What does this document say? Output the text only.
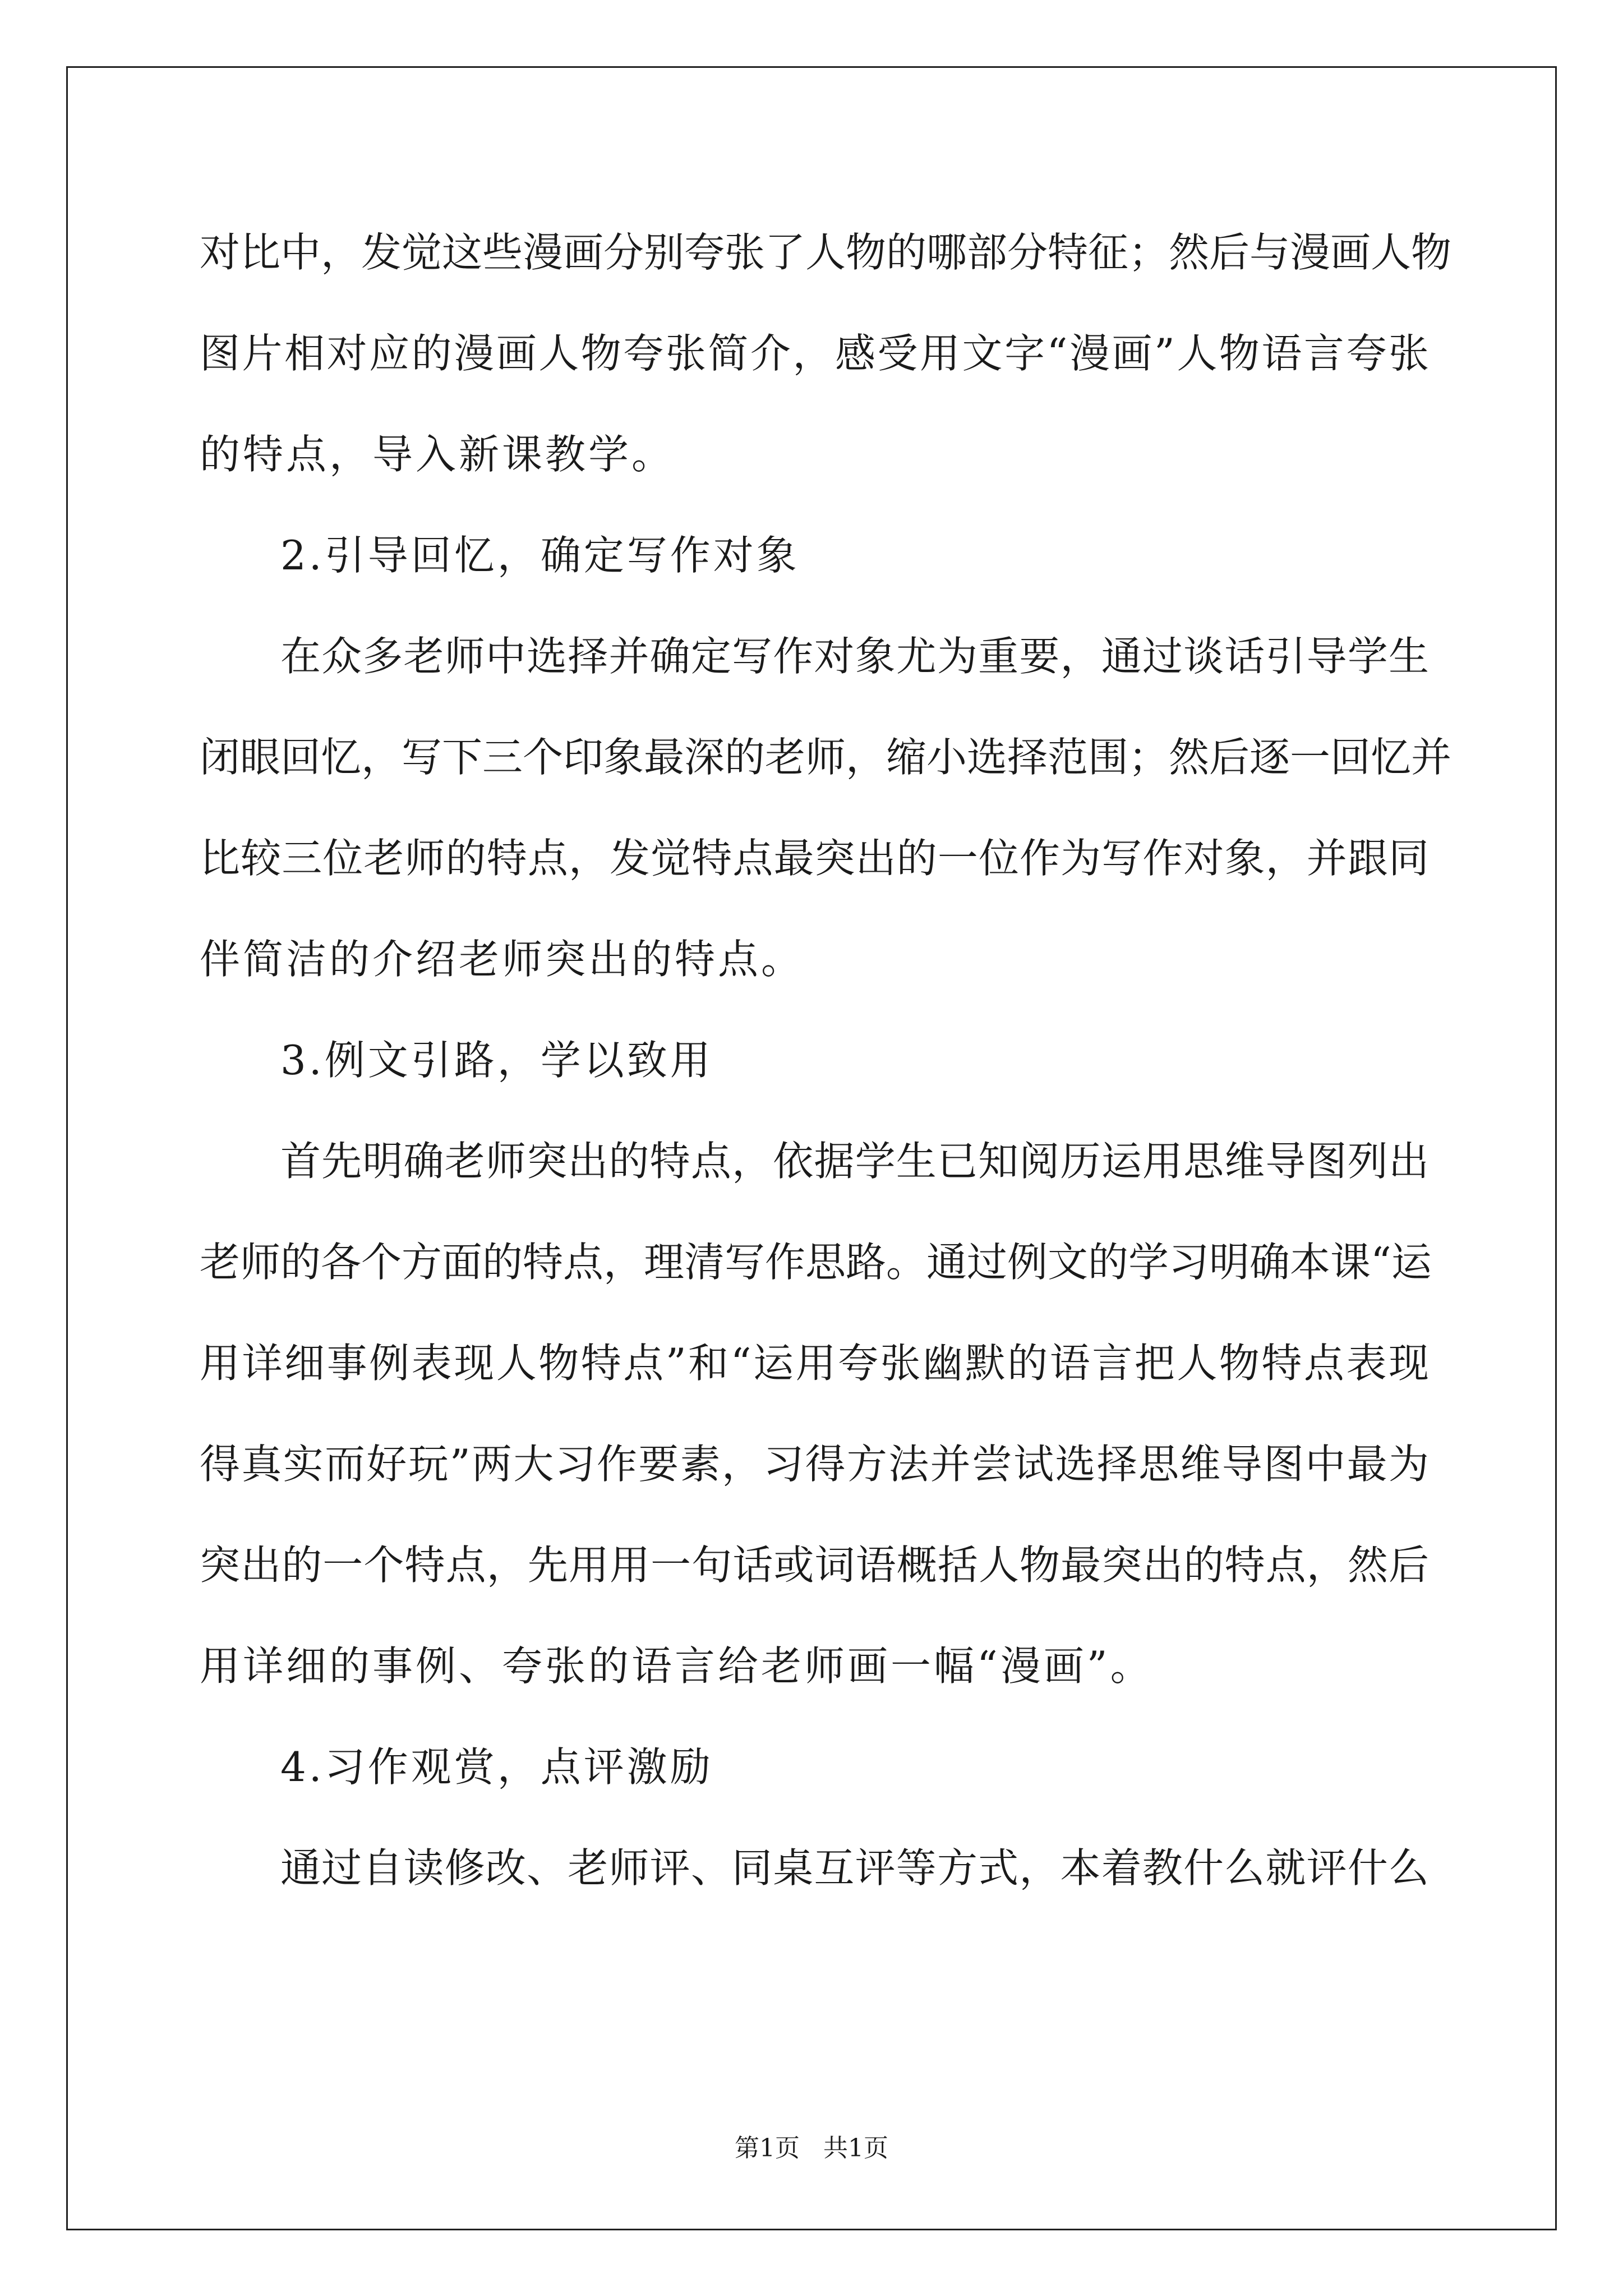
对比中，发觉这些漫画分别夸张了人物的哪部分特征；然后与漫画人物
图片相对应的漫画人物夸张简介，感受用文字“漫画”人物语言夸张
的特点，导入新课教学。
2.引导回忆，确定写作对象
在众多老师中选择并确定写作对象尤为重要，通过谈话引导学生
闭眼回忆，写下三个印象最深的老师，缩小选择范围；然后逐一回忆并
比较三位老师的特点，发觉特点最突出的一位作为写作对象，并跟同
伴简洁的介绍老师突出的特点。
3.例文引路，学以致用
首先明确老师突出的特点，依据学生已知阅历运用思维导图列出
老师的各个方面的特点，理清写作思路。通过例文的学习明确本课“运
用详细事例表现人物特点”和“运用夸张幽默的语言把人物特点表现
得真实而好玩”两大习作要素，习得方法并尝试选择思维导图中最为
突出的一个特点，先用用一句话或词语概括人物最突出的特点，然后
用详细的事例、夸张的语言给老师画一幅“漫画”。
4.习作观赏，点评激励
通过自读修改、老师评、同桌互评等方式，本着教什么就评什么
第1页   共1页
